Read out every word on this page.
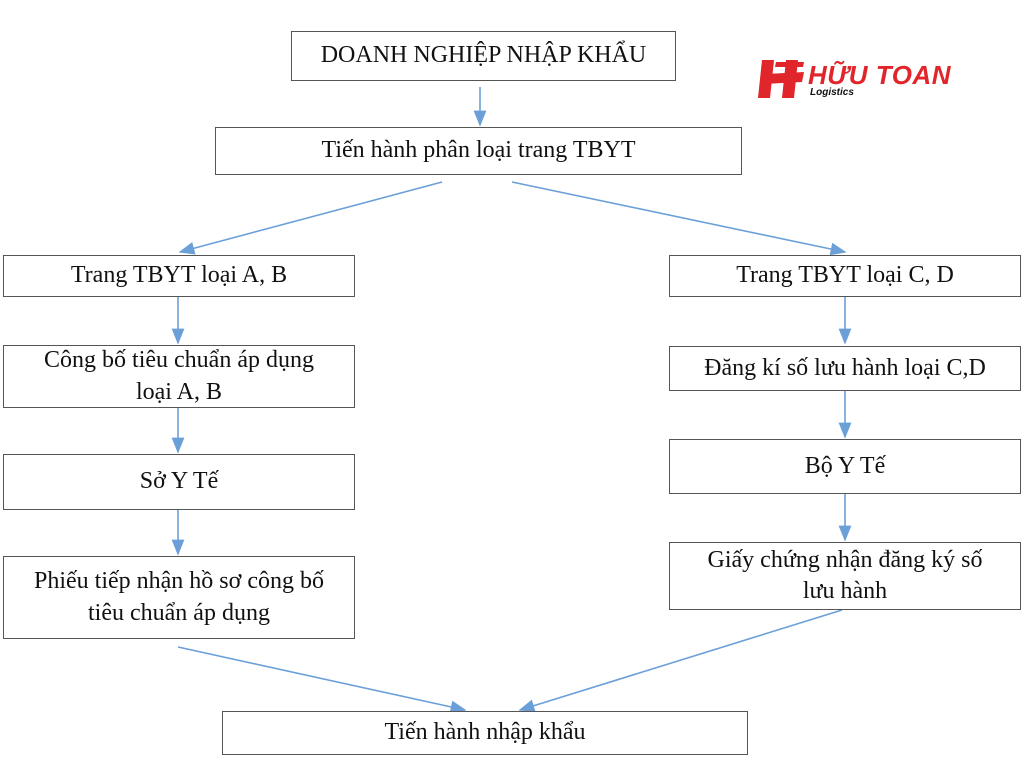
DOANH NGHIỆP NHẬP KHẨU
Tiến hành phân loại trang TBYT
Trang TBYT loại A, B	Trang TBYT loại C, D
Công bố tiêu chuẩn áp dụng
loại A, B
Đăng kí số lưu hành loại C,D
Sở Y Tế
Bộ Y Tế
Phiếu tiếp nhận hồ sơ công bố
tiêu chuẩn áp dụng
Giấy chứng nhận đăng ký số
lưu hành
Tiến hành nhập khẩu
HỮU TOAN
Logistics
